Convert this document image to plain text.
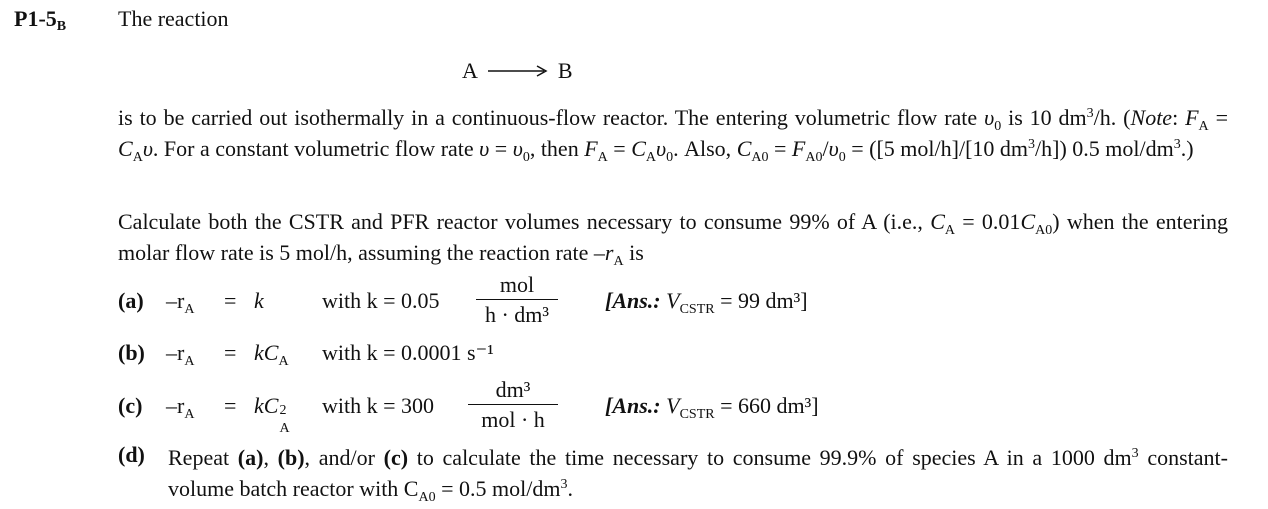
$P1-5_B$ The reaction
A → B
is to be carried out isothermally in a continuous-flow reactor. The entering volumetric flow rate $\upsilon_0$ is 10 $dm^3/h$. (Note: $F_A = C_A\upsilon$. For a constant volumetric flow rate $\upsilon = \upsilon_0$, then $F_A = C_A\upsilon_0$. Also, $C_{A0} = F_{A0}/\upsilon_0 = ([5$ mol/h]/[10 $dm^3/h$]) 0.5 mol/$dm^3$.)
Calculate both the CSTR and PFR reactor volumes necessary to consume 99% of A (i.e., $C_A = 0.01C_{A0}$) when the entering molar flow rate is 5 mol/h, assuming the reaction rate $-r_A$ is
(a) $-r_A = k$	with k = 0.05
mol
h · dm³
[Ans.: $V_{CSTR} = 99$ dm³]
(b) $-r_A = kC_A$ with k = 0.0001 s⁻¹
(c) $-r_A$ = kC 2
A
with k = 300
dm³
mol · h
[Ans.: $V_{CSTR} = 660$ dm³]
(d) Repeat (a), (b), and/or (c) to calculate the time necessary to consume 99.9% of species A in a 1000 $dm^3$ constant-volume batch reactor with $C_{A0} = 0.5$ mol/$dm^3$.
